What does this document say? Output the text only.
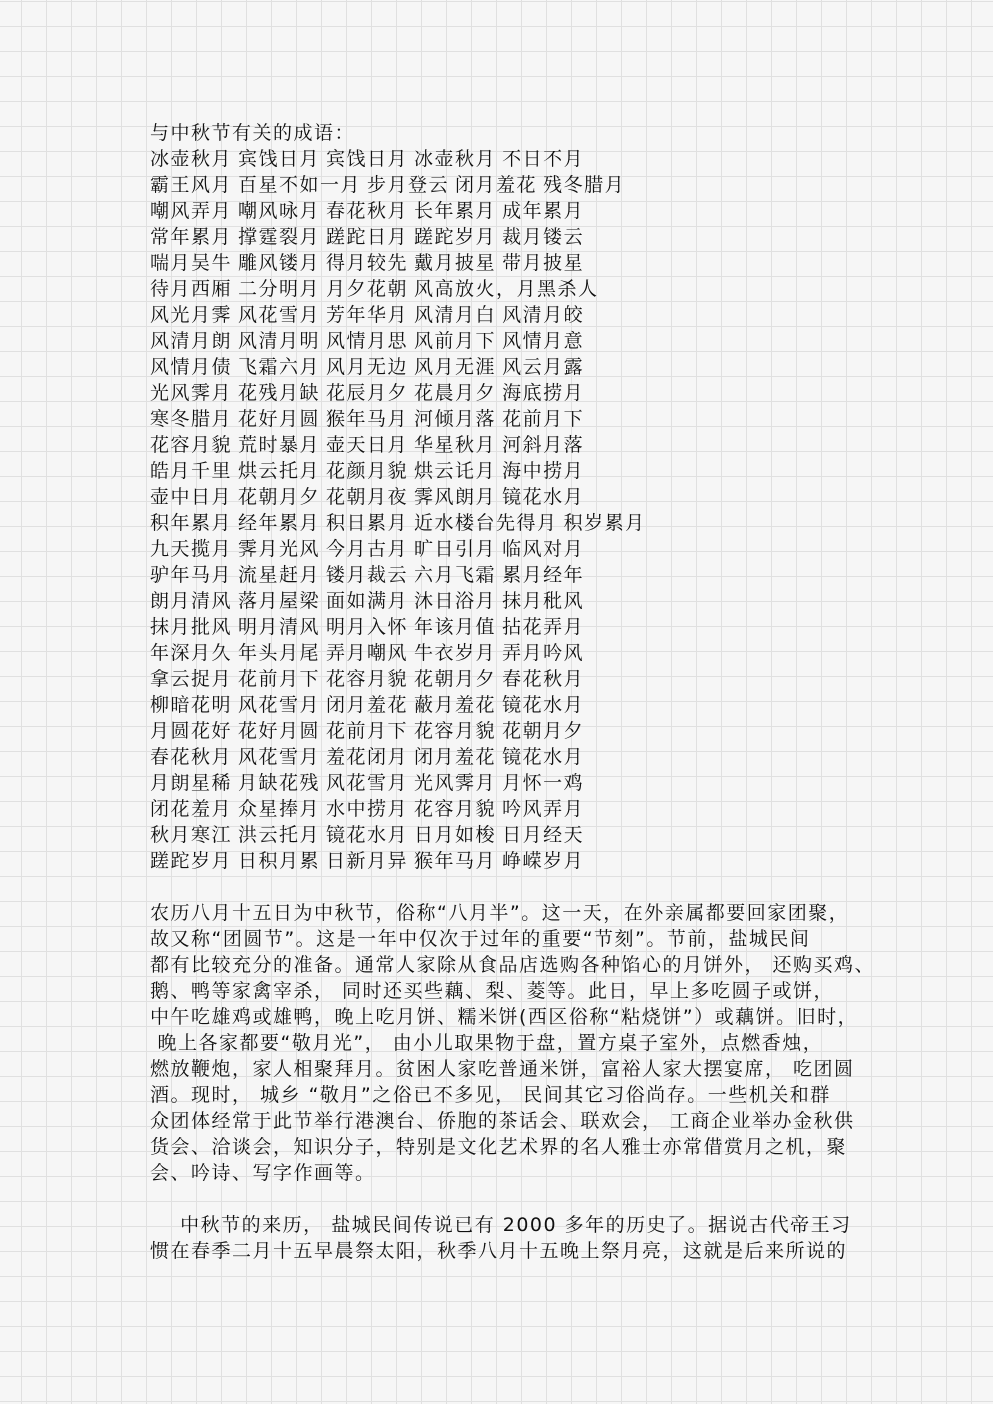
与中秋节有关的成语：
冰壶秋月 宾饯日月 宾饯日月 冰壶秋月 不日不月
霸王风月 百星不如一月 步月登云 闭月羞花 残冬腊月
嘲风弄月 嘲风咏月 春花秋月 长年累月 成年累月
常年累月 撑霆裂月 蹉跎日月 蹉跎岁月 裁月镂云
喘月吴牛 雕风镂月 得月较先 戴月披星 带月披星
待月西厢 二分明月 月夕花朝 风高放火，月黑杀人
风光月霁 风花雪月 芳年华月 风清月白 风清月皎
风清月朗 风清月明 风情月思 风前月下 风情月意
风情月债 飞霜六月 风月无边 风月无涯 风云月露
光风霁月 花残月缺 花辰月夕 花晨月夕 海底捞月
寒冬腊月 花好月圆 猴年马月 河倾月落 花前月下
花容月貌 荒时暴月 壶天日月 华星秋月 河斜月落
皓月千里 烘云托月 花颜月貌 烘云讬月 海中捞月
壶中日月 花朝月夕 花朝月夜 霁风朗月 镜花水月
积年累月 经年累月 积日累月 近水楼台先得月 积岁累月
九天揽月 霁月光风 今月古月 旷日引月 临风对月
驴年马月 流星赶月 镂月裁云 六月飞霜 累月经年
朗月清风 落月屋梁 面如满月 沐日浴月 抹月秕风
抹月批风 明月清风 明月入怀 年该月值 拈花弄月
年深月久 年头月尾 弄月嘲风 牛衣岁月 弄月吟风
拿云捉月 花前月下 花容月貌 花朝月夕 春花秋月
柳暗花明 风花雪月 闭月羞花 蔽月羞花 镜花水月
月圆花好 花好月圆 花前月下 花容月貌 花朝月夕
春花秋月 风花雪月 羞花闭月 闭月羞花 镜花水月
月朗星稀 月缺花残 风花雪月 光风霁月 月怀一鸡
闭花羞月 众星捧月 水中捞月 花容月貌 吟风弄月
秋月寒江 洪云托月 镜花水月 日月如梭 日月经天
蹉跎岁月 日积月累 日新月异 猴年马月 峥嵘岁月
农历八月十五日为中秋节，俗称“八月半”。这一天，在外亲属都要回家团聚，
故又称“团圆节”。这是一年中仅次于过年的重要“节刻”。节前，盐城民间
都有比较充分的准备。通常人家除从食品店选购各种馅心的月饼外， 还购买鸡、
鹅、鸭等家禽宰杀， 同时还买些藕、梨、菱等。此日，早上多吃圆子或饼，
中午吃雄鸡或雄鸭，晚上吃月饼、糯米饼(西区俗称“粘烧饼”）或藕饼。旧时，
晚上各家都要“敬月光”， 由小儿取果物于盘，置方桌子室外，点燃香烛，
燃放鞭炮，家人相聚拜月。贫困人家吃普通米饼，富裕人家大摆宴席， 吃团圆
酒。现时， 城乡 “敬月”之俗已不多见， 民间其它习俗尚存。一些机关和群
众团体经常于此节举行港澳台、侨胞的茶话会、联欢会， 工商企业举办金秋供
货会、洽谈会，知识分子，特别是文化艺术界的名人雅士亦常借赏月之机，聚
会、吟诗、写字作画等。
中秋节的来历， 盐城民间传说已有 2000 多年的历史了。据说古代帝王习
惯在春季二月十五早晨祭太阳，秋季八月十五晚上祭月亮，这就是后来所说的
